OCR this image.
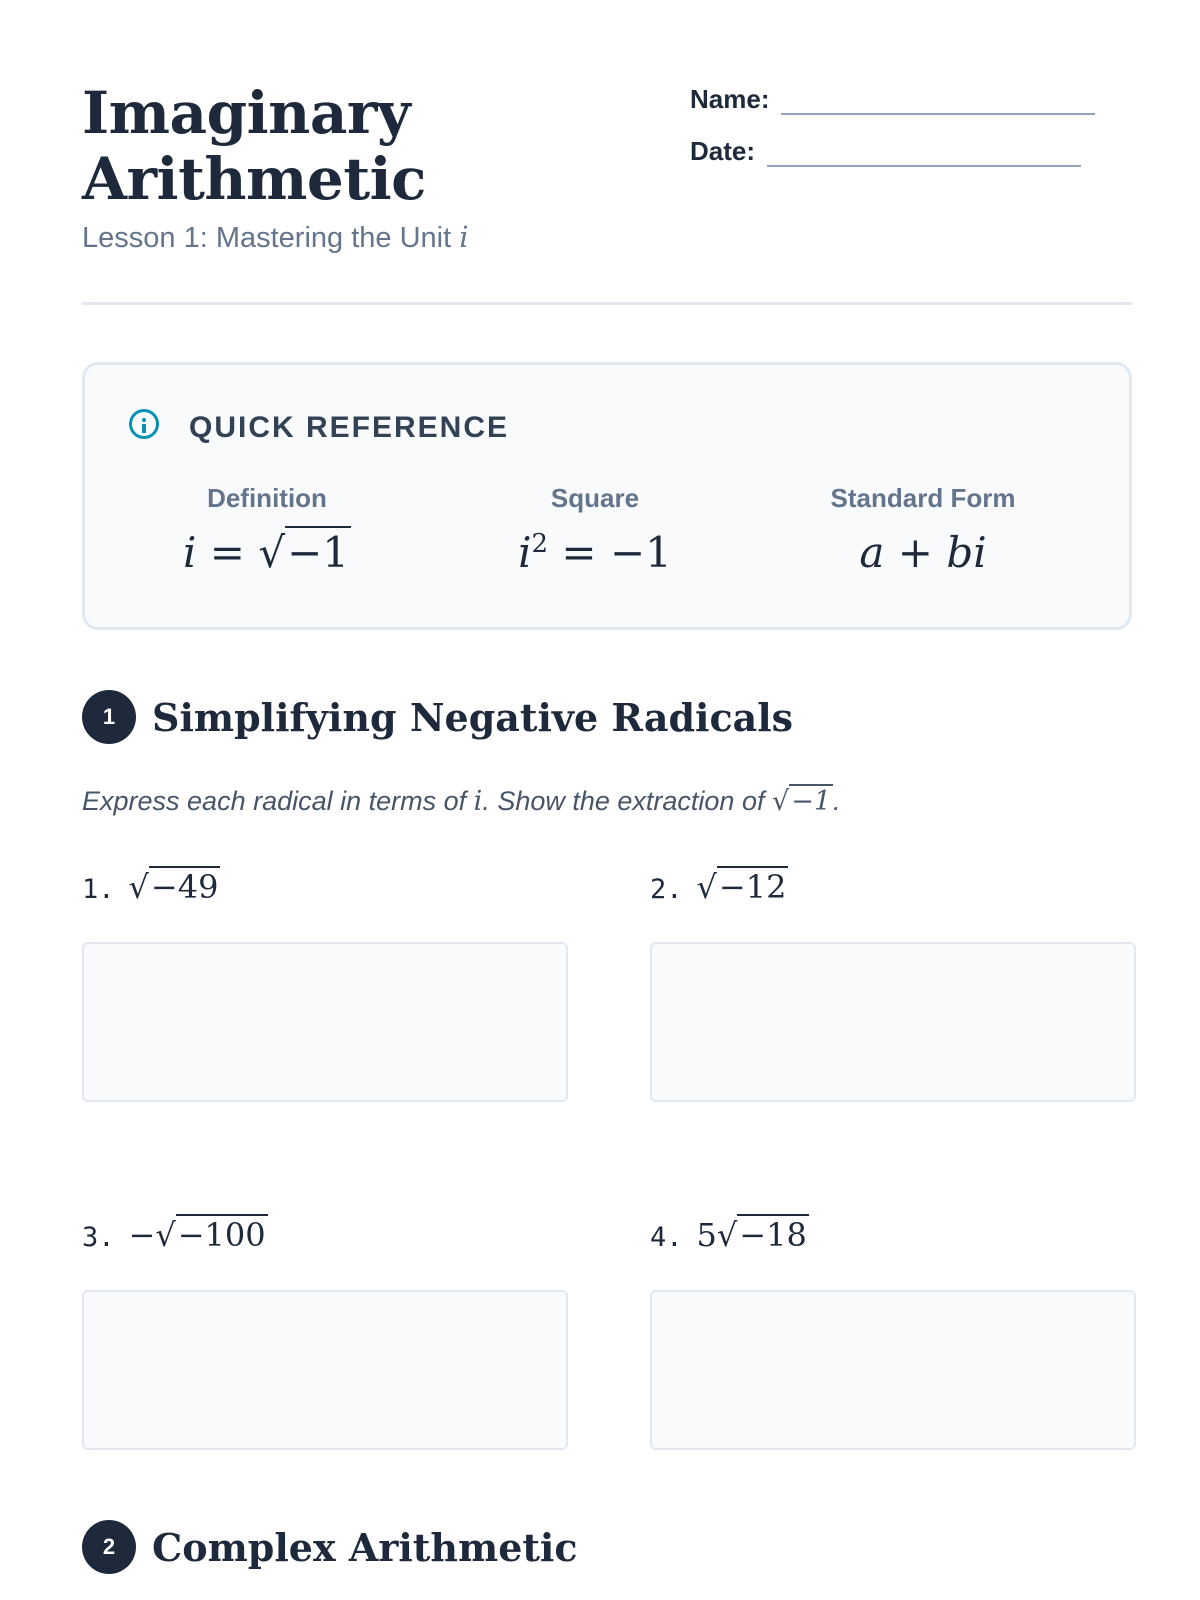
Imaginary
Arithmetic
Lesson 1: Mastering the Unit i
Name:
Date:
QUICK REFERENCE
Definition
i = √−1
Square
$i^2 = -1$
Standard Form
a + bi
1 Simplifying Negative Radicals
Express each radical in terms of i. Show the extraction of √−1.
1. √−49	2. √−12
3. −√−100	4. 5√−18
2 Complex Arithmetic
